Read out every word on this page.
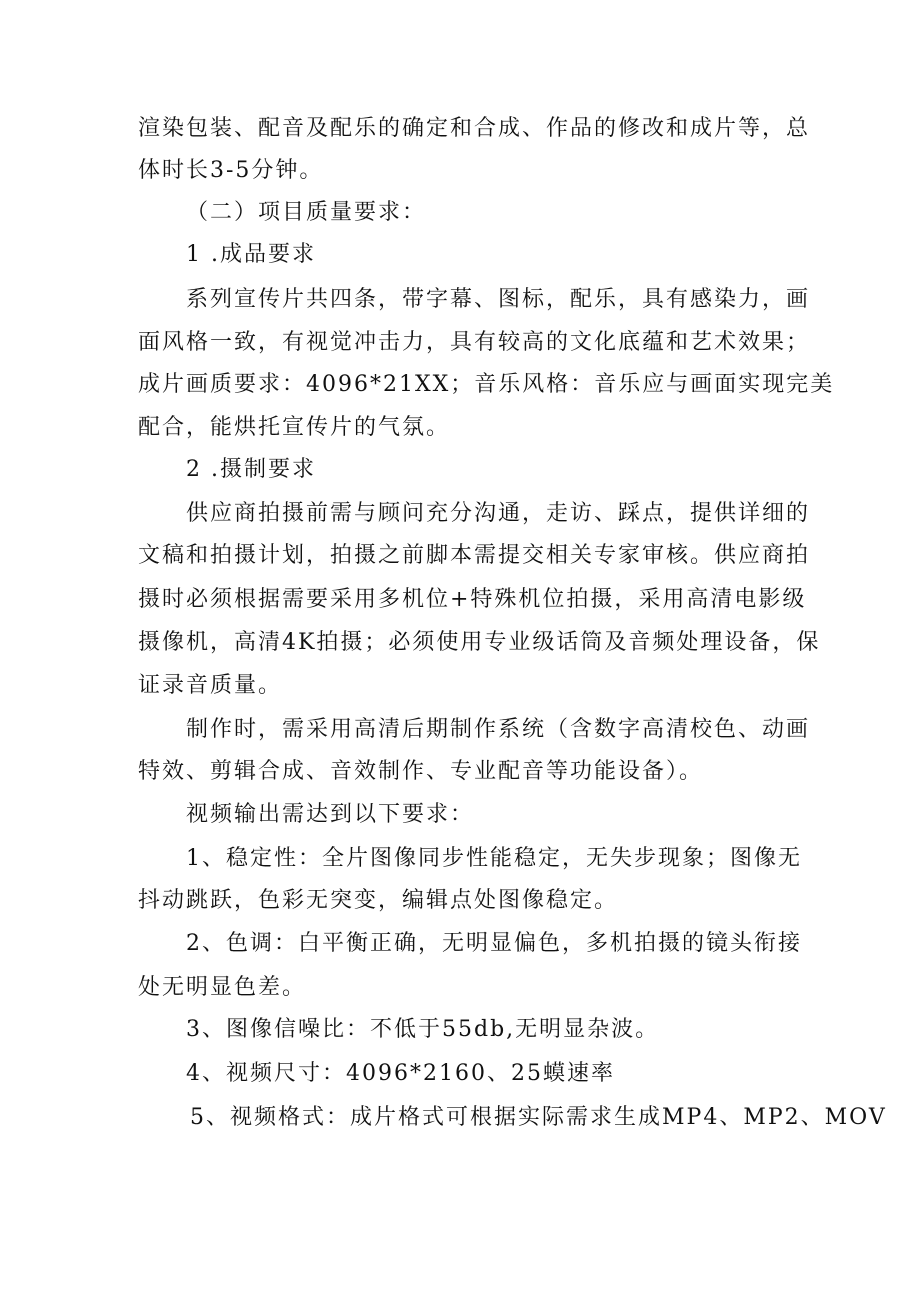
渲染包装、配音及配乐的确定和合成、作品的修改和成片等，总
体时长3-5分钟。
（二）项目质量要求：
1 .成品要求
系列宣传片共四条，带字幕、图标，配乐，具有感染力，画
面风格一致，有视觉冲击力，具有较高的文化底蕴和艺术效果；
成片画质要求：4096*21XX；音乐风格：音乐应与画面实现完美
配合，能烘托宣传片的气氛。
2 .摄制要求
供应商拍摄前需与顾问充分沟通，走访、踩点，提供详细的
文稿和拍摄计划，拍摄之前脚本需提交相关专家审核。供应商拍
摄时必须根据需要采用多机位+特殊机位拍摄，采用高清电影级
摄像机，高清4K拍摄；必须使用专业级话筒及音频处理设备，保
证录音质量。
制作时，需采用高清后期制作系统（含数字高清校色、动画
特效、剪辑合成、音效制作、专业配音等功能设备）。
视频输出需达到以下要求：
1、稳定性：全片图像同步性能稳定，无失步现象；图像无
抖动跳跃，色彩无突变，编辑点处图像稳定。
2、色调：白平衡正确，无明显偏色，多机拍摄的镜头衔接
处无明显色差。
3、图像信噪比：不低于55db,无明显杂波。
4、视频尺寸：4096*2160、25蟆速率
5、视频格式：成片格式可根据实际需求生成MP4、MP2、MOV
